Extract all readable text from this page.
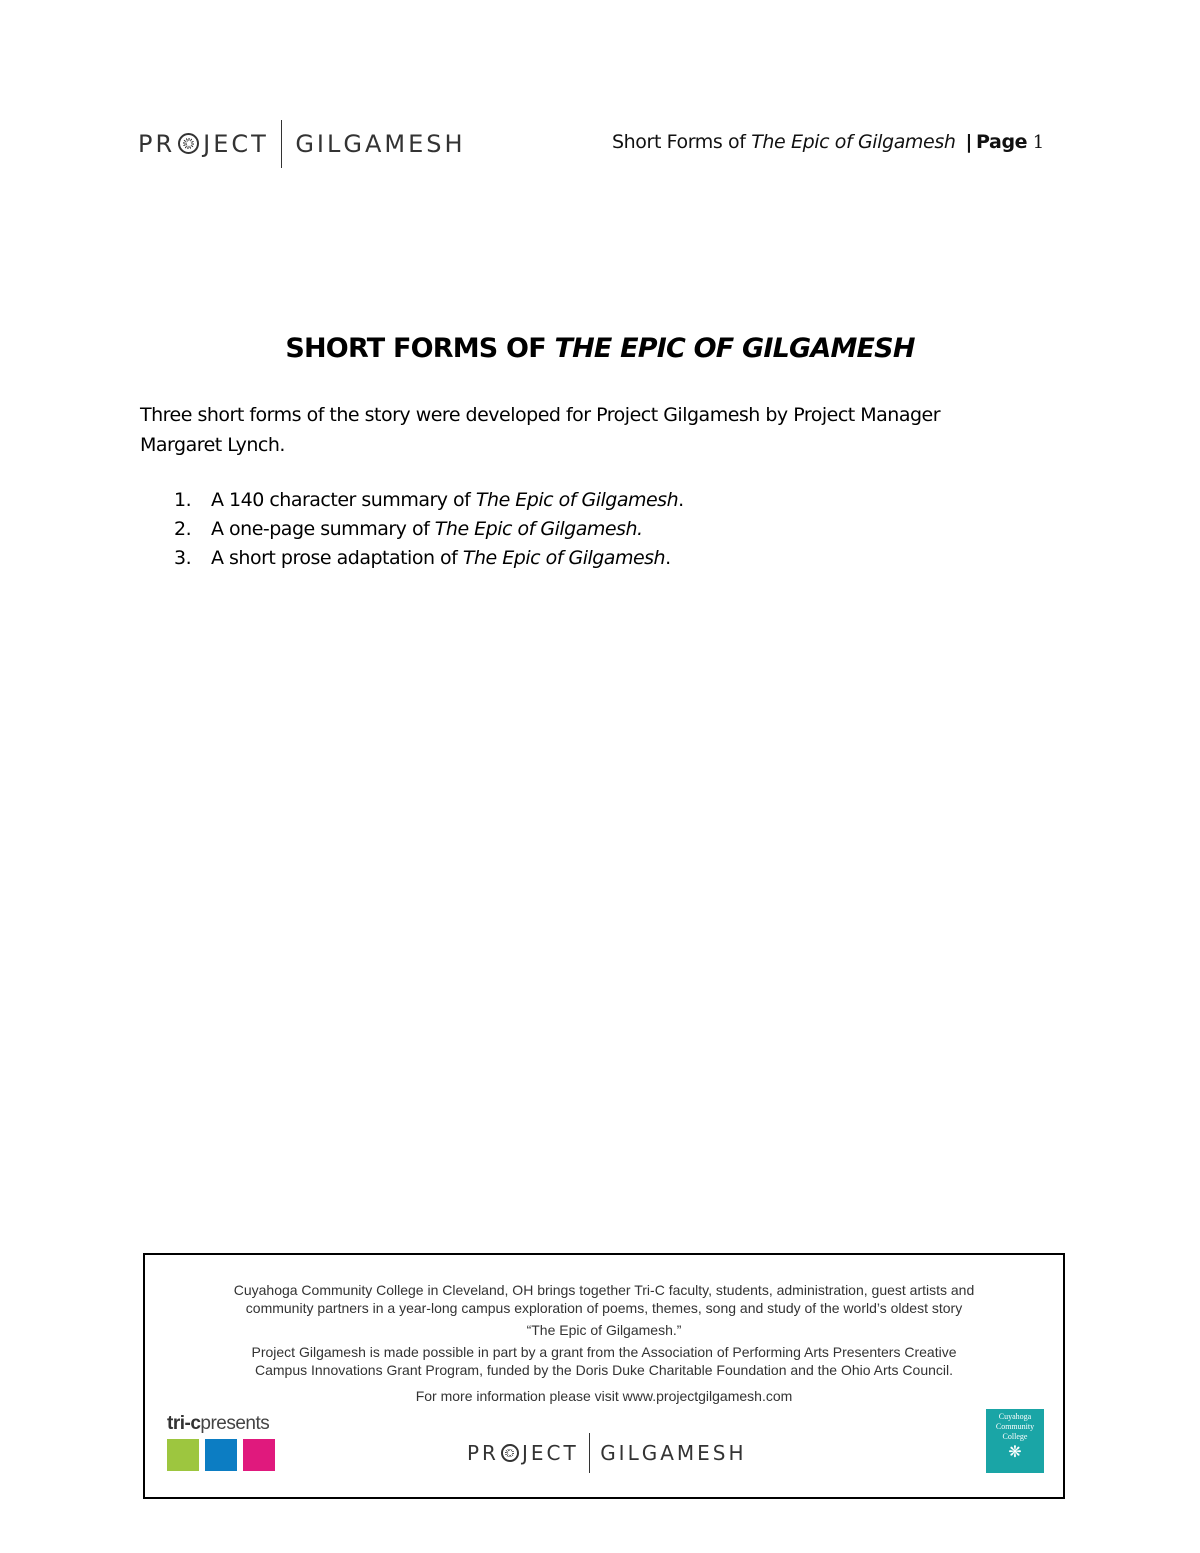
PR JECT GILGAMESH	Short Forms of The Epic of Gilgamesh | Page 1
SHORT FORMS OF THE EPIC OF GILGAMESH
Three short forms of the story were developed for Project Gilgamesh by Project Manager
Margaret Lynch.
1. A 140 character summary of The Epic of Gilgamesh.
2. A one-page summary of The Epic of Gilgamesh.
3. A short prose adaptation of The Epic of Gilgamesh.

Cuyahoga Community College in Cleveland, OH brings together Tri-C faculty, students, administration, guest artists and

community partners in a year-long campus exploration of poems, themes, song and study of the world’s oldest story

“The Epic of Gilgamesh.”

Project Gilgamesh is made possible in part by a grant from the Association of Performing Arts Presenters Creative

Campus Innovations Grant Program, funded by the Doris Duke Charitable Foundation and the Ohio Arts Council.

For more information please visit www.projectgilgamesh.com

tri-cpresents
PR JECT GILGAMESH
Cuyahoga
Community
College
❋
